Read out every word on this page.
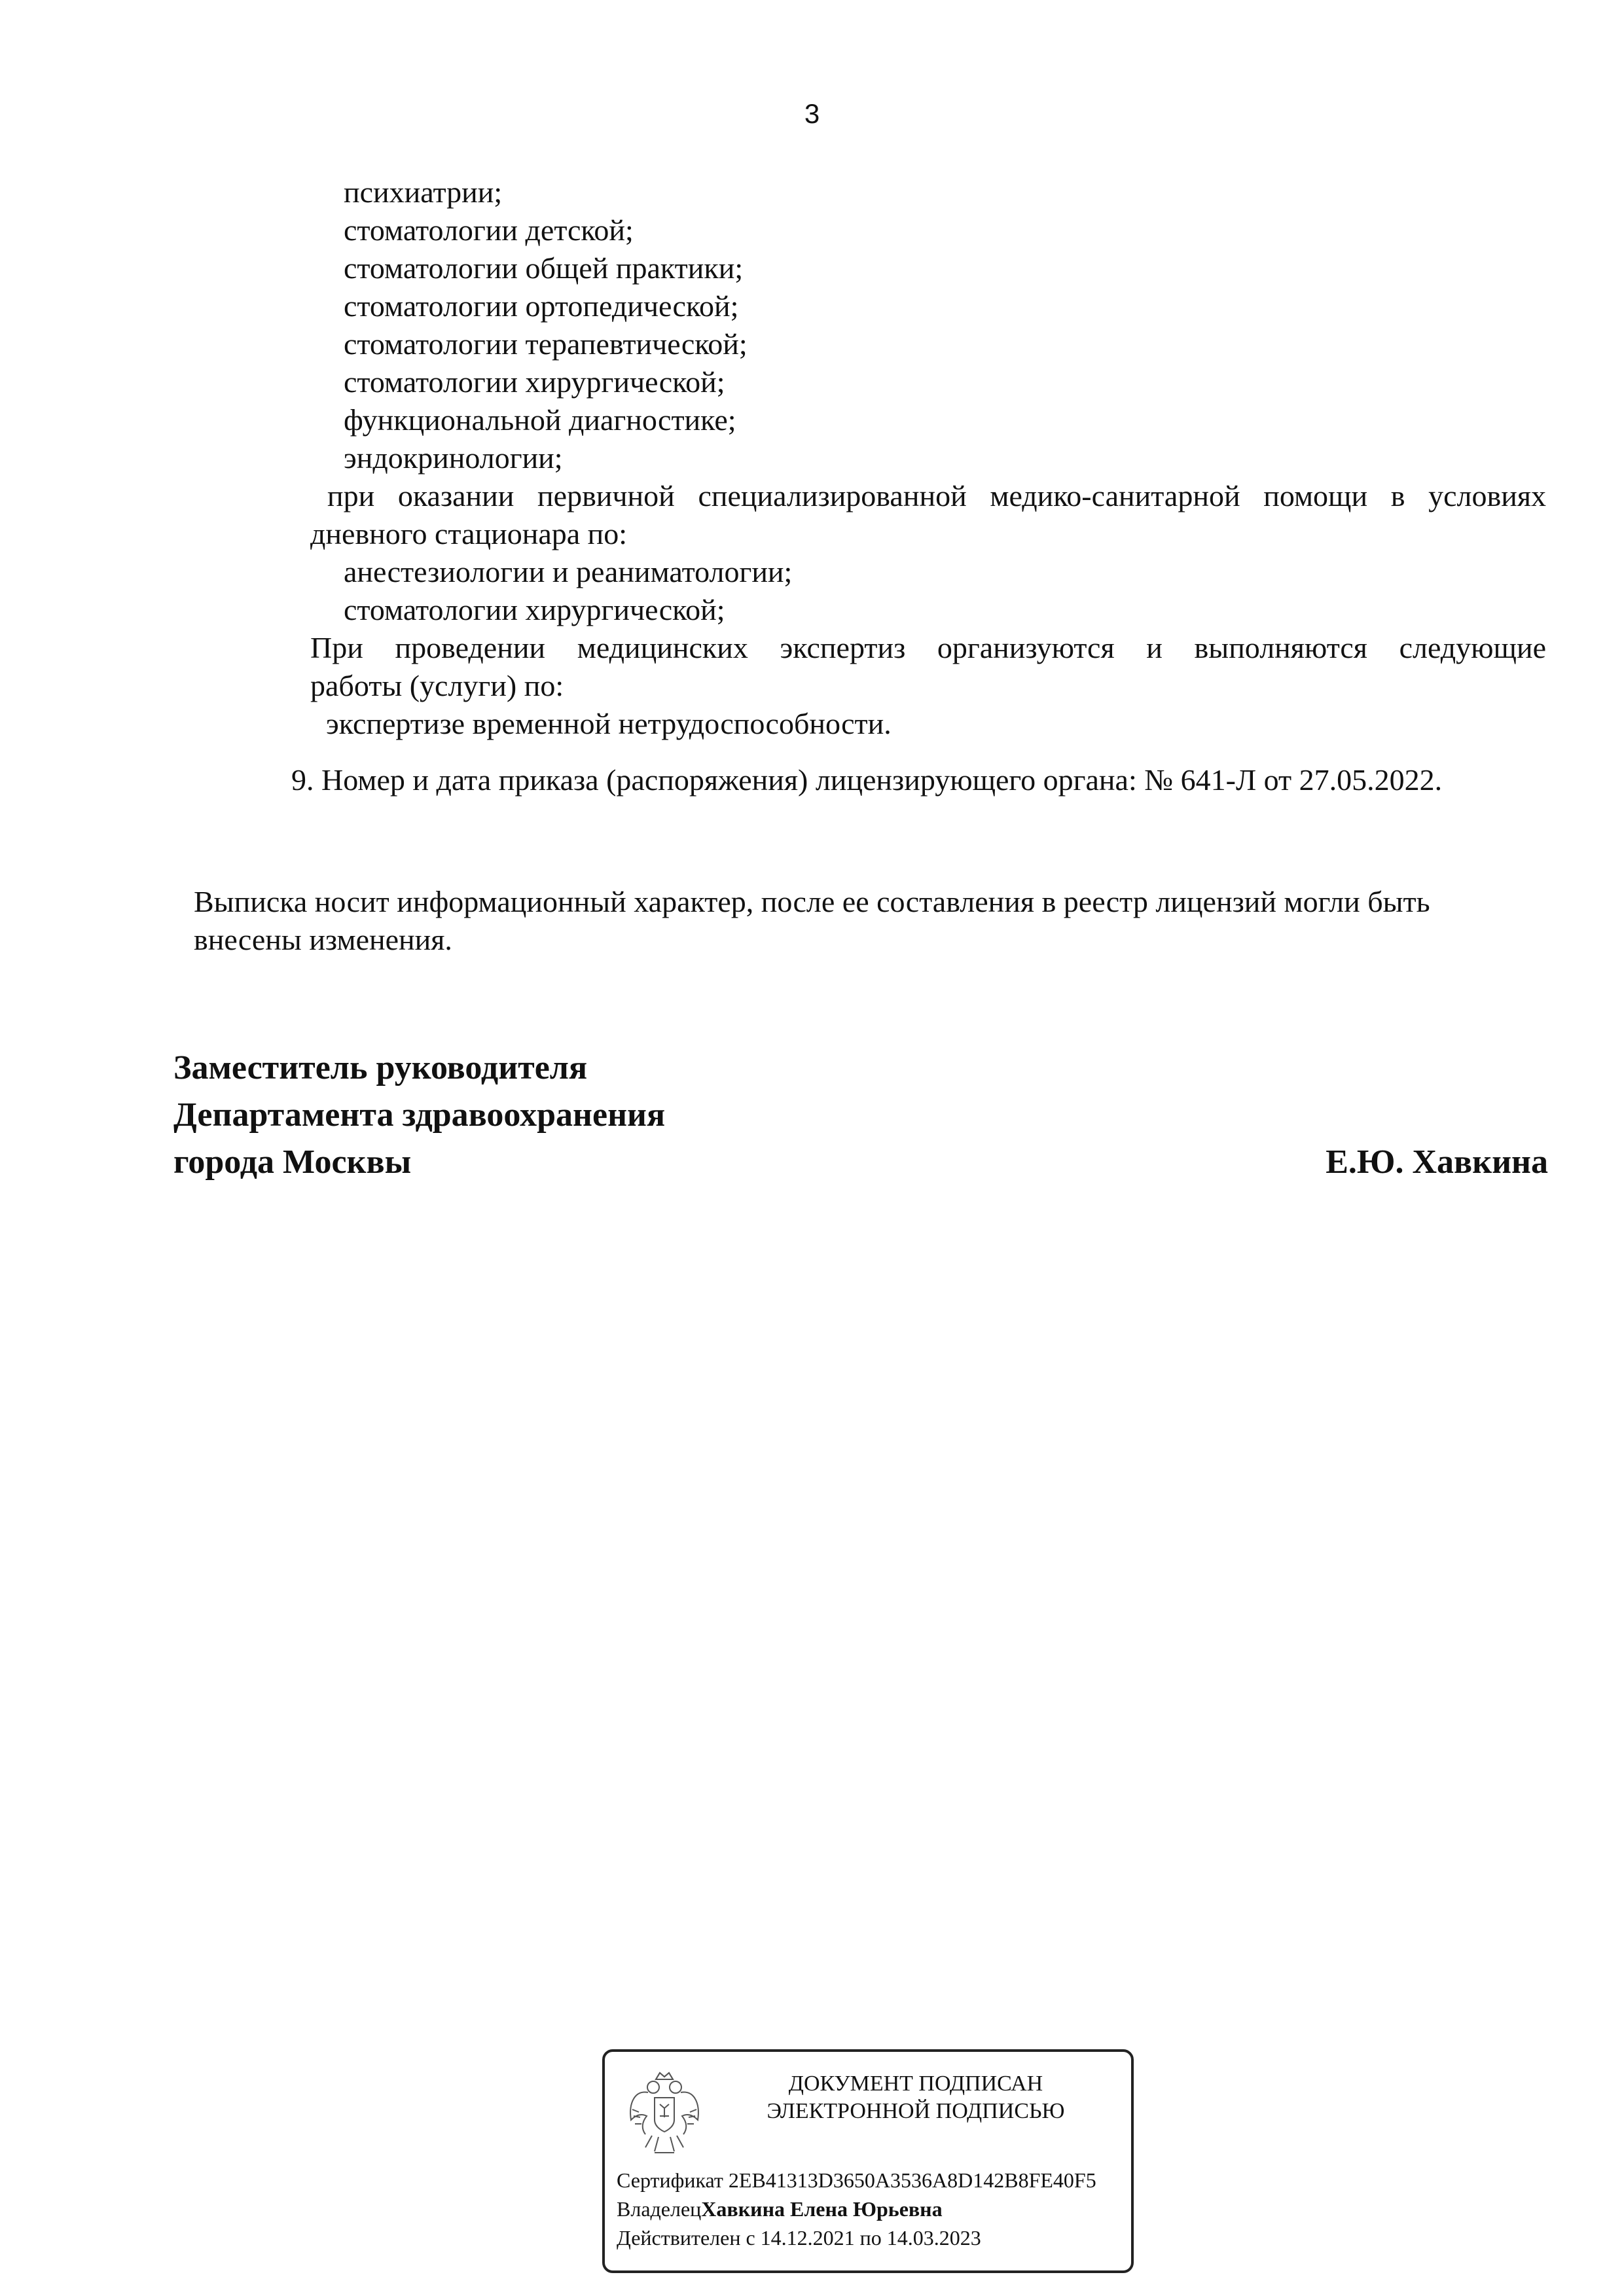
3
психиатрии;
стоматологии детской;
стоматологии общей практики;
стоматологии ортопедической;
стоматологии терапевтической;
стоматологии хирургической;
функциональной диагностике;
эндокринологии;
при оказании первичной специализированной медико-санитарной помощи в условиях
дневного стационара по:
анестезиологии и реаниматологии;
стоматологии хирургической;
При проведении медицинских экспертиз организуются и выполняются следующие
работы (услуги) по:
экспертизе временной нетрудоспособности.
9. Номер и дата приказа (распоряжения) лицензирующего органа: № 641-Л от 27.05.2022.
Выписка носит информационный характер, после ее составления в реестр лицензий могли быть
внесены изменения.
Заместитель руководителя
Департамента здравоохранения
города Москвы	Е.Ю. Хавкина
ДОКУМЕНТ ПОДПИСАН
ЭЛЕКТРОННОЙ ПОДПИСЬЮ
Сертификат 2EB41313D3650A3536A8D142B8FE40F5
ВладелецХавкина Елена Юрьевна
Действителен с 14.12.2021 по 14.03.2023
